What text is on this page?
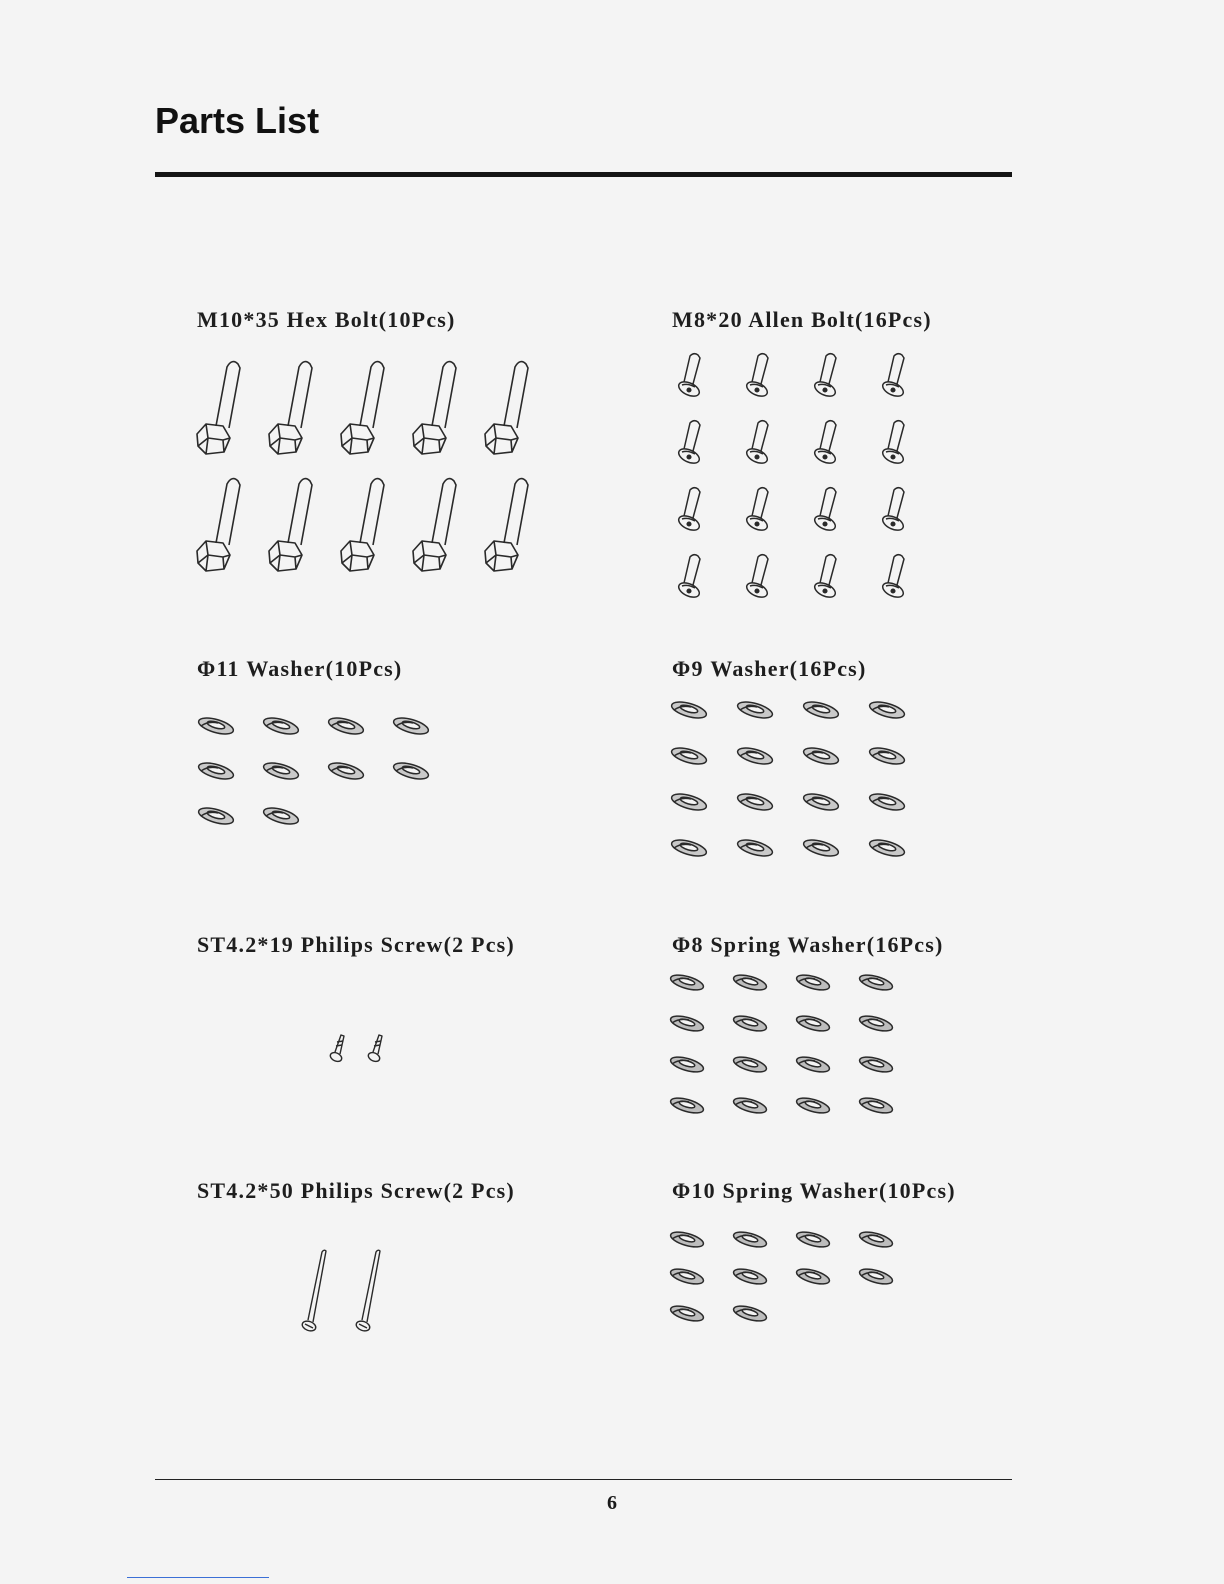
Parts List

M10*35 Hex Bolt(10Pcs)	M8*20 Allen Bolt(16Pcs)

Φ11 Washer(10Pcs)	Φ9 Washer(16Pcs)

ST4.2*19 Philips Screw(2 Pcs)	Φ8 Spring Washer(16Pcs)

ST4.2*50 Philips Screw(2 Pcs)	Φ10 Spring Washer(10Pcs)

6
